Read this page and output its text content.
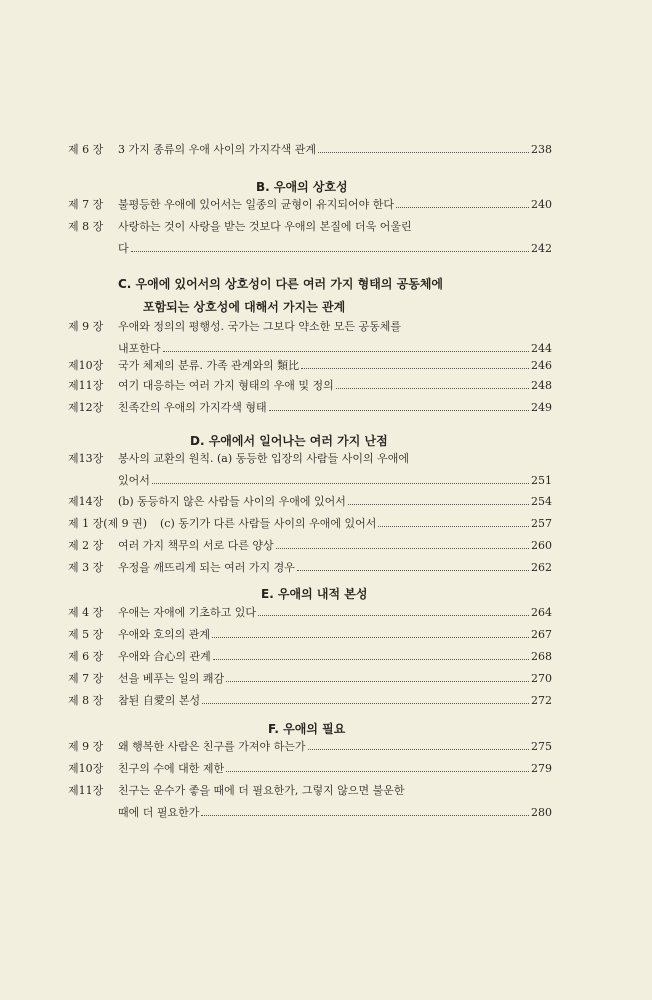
B. 우애의 상호성
C. 우애에 있어서의 상호성이 다른 여러 가지 형태의 공동체에
포함되는 상호성에 대해서 가지는 관계
D. 우애에서 일어나는 여러 가지 난점
E. 우애의 내적 본성
F. 우애의 필요
제 6 장 3 가지 종류의 우애 사이의 가지각색 관계	238
제 7 장 불평등한 우애에 있어서는 일종의 균형이 유지되어야 한다	240
제 8 장 사랑하는 것이 사랑을 받는 것보다 우애의 본질에 더욱 어울린
다	242
제 9 장 우애와 정의의 평행성. 국가는 그보다 약소한 모든 공동체를
내포한다	244
제10장 국가 체제의 분류. 가족 관계와의 類比	246
제11장 여기 대응하는 여러 가지 형태의 우애 및 정의	248
제12장 친족간의 우애의 가지각색 형태	249
제13장 봉사의 교환의 원칙. (a) 동등한 입장의 사람들 사이의 우애에
있어서	251
제14장 (b) 동등하지 않은 사람들 사이의 우애에 있어서	254
제 1 장(제 9 권) (c) 동기가 다른 사람들 사이의 우애에 있어서	257
제 2 장 여러 가지 책무의 서로 다른 양상	260
제 3 장 우정을 깨뜨리게 되는 여러 가지 경우	262
제 4 장 우애는 자애에 기초하고 있다	264
제 5 장 우애와 호의의 관계	267
제 6 장 우애와 合心의 관계	268
제 7 장 선을 베푸는 일의 쾌감	270
제 8 장 참된 自愛의 본성	272
제 9 장 왜 행복한 사람은 친구를 가져야 하는가	275
제10장 친구의 수에 대한 제한	279
제11장 친구는 운수가 좋을 때에 더 필요한가, 그렇지 않으면 불운한
때에 더 필요한가	280
